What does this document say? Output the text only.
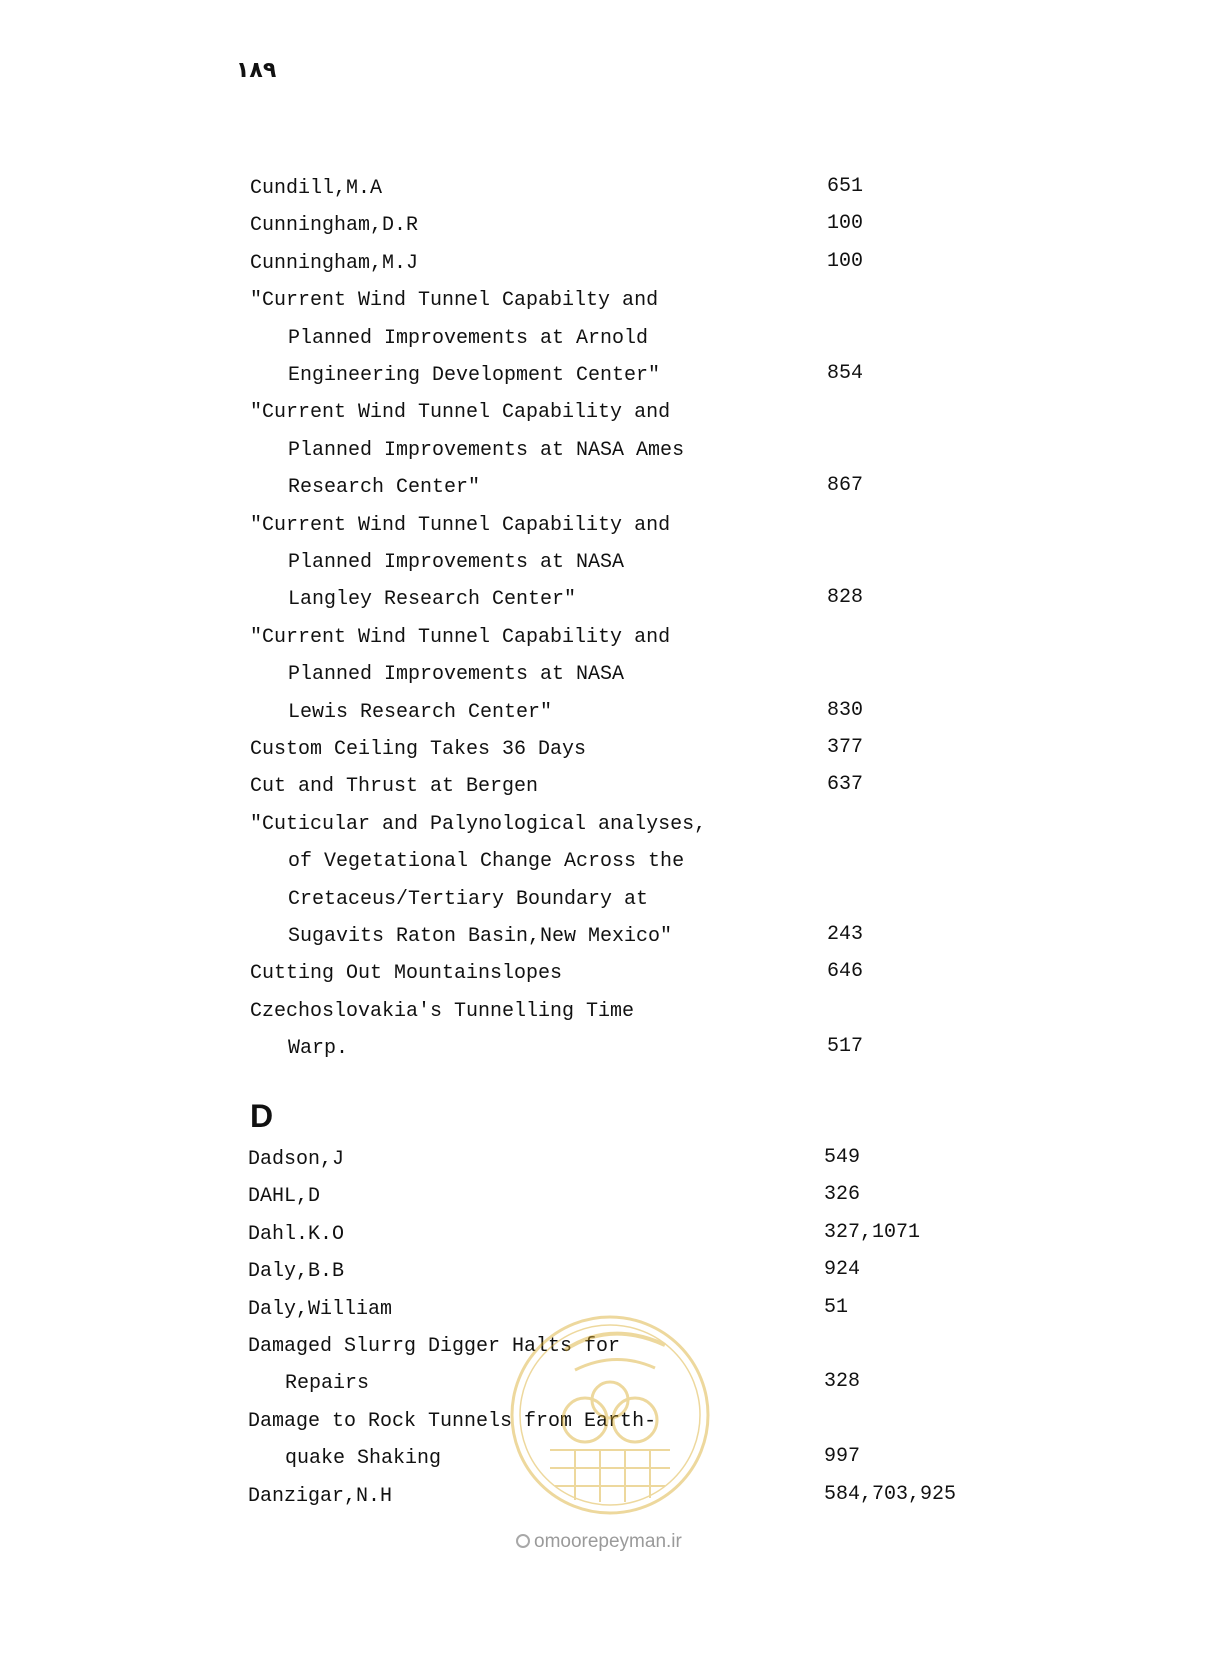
۱۸۹
Cundill,M.A	651
Cunningham,D.R	100
Cunningham,M.J	100
"Current Wind Tunnel Capabilty and
Planned Improvements at Arnold
Engineering Development Center"	854
"Current Wind Tunnel Capability and
Planned Improvements at NASA Ames
Research Center"	867
"Current Wind Tunnel Capability and
Planned Improvements at NASA
Langley Research Center"	828
"Current Wind Tunnel Capability and
Planned Improvements at NASA
Lewis Research Center"	830
Custom Ceiling Takes 36 Days	377
Cut and Thrust at Bergen	637
"Cuticular and Palynological analyses,
of Vegetational Change Across the
Cretaceus/Tertiary Boundary at
Sugavits Raton Basin,New Mexico"	243
Cutting Out Mountainslopes	646
Czechoslovakia's Tunnelling Time
Warp.	517
D
Dadson,J	549
DAHL,D	326
Dahl.K.O	327,1071
Daly,B.B	924
Daly,William	51
Damaged Slurrg Digger Halts for
Repairs	328
Damage to Rock Tunnels from Earth-
quake Shaking	997
Danzigar,N.H	584,703,925
omoorepeyman.ir
